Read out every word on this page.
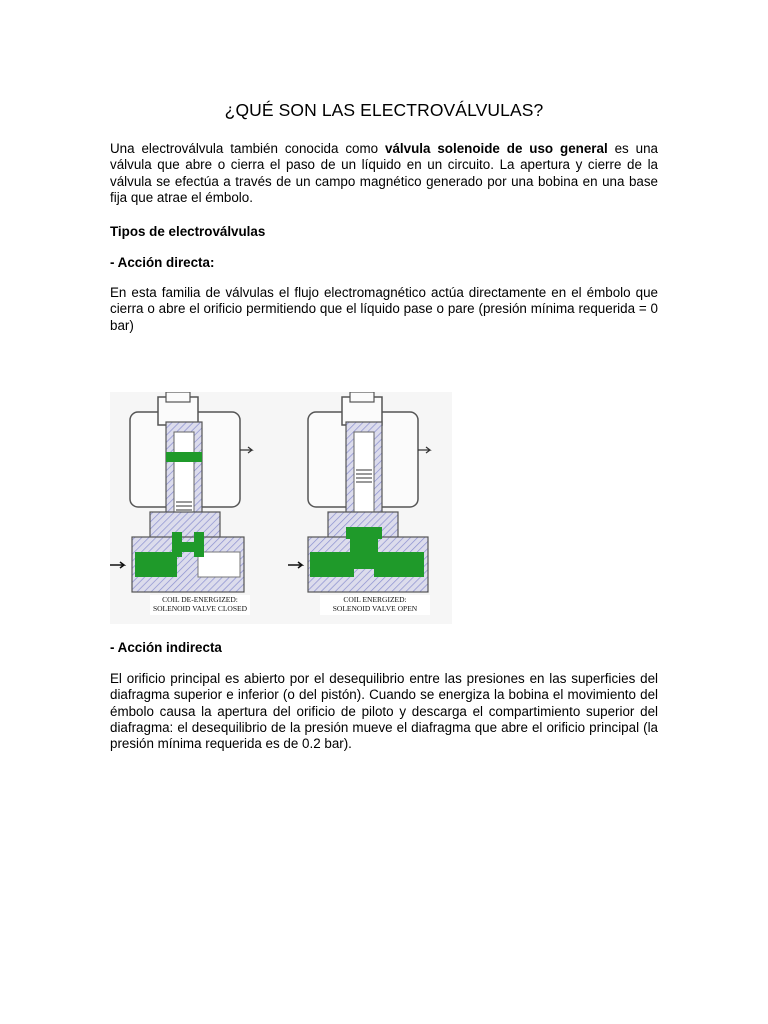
¿QUÉ SON LAS ELECTROVÁLVULAS?

Una electroválvula también conocida como válvula solenoide de uso general es una válvula que abre o cierra el paso de un líquido en un circuito. La apertura y cierre de la válvula se efectúa a través de un campo magnético generado por una bobina en una base fija que atrae el émbolo.

Tipos de electroválvulas

- Acción directa:

En esta familia de válvulas el flujo electromagnético actúa directamente en el émbolo que cierra o abre el orificio permitiendo que el líquido pase o pare (presión mínima requerida = 0 bar)

COIL DE-ENERGIZED:
SOLENOID VALVE CLOSED
COIL ENERGIZED:
SOLENOID VALVE OPEN

- Acción indirecta

El orificio principal es abierto por el desequilibrio entre las presiones en las superficies del diafragma superior e inferior (o del pistón). Cuando se energiza la bobina el movimiento del émbolo causa la apertura del orificio de piloto y descarga el compartimiento superior del diafragma: el desequilibrio de la presión mueve el diafragma que abre el orificio principal (la presión mínima requerida es de 0.2 bar).
